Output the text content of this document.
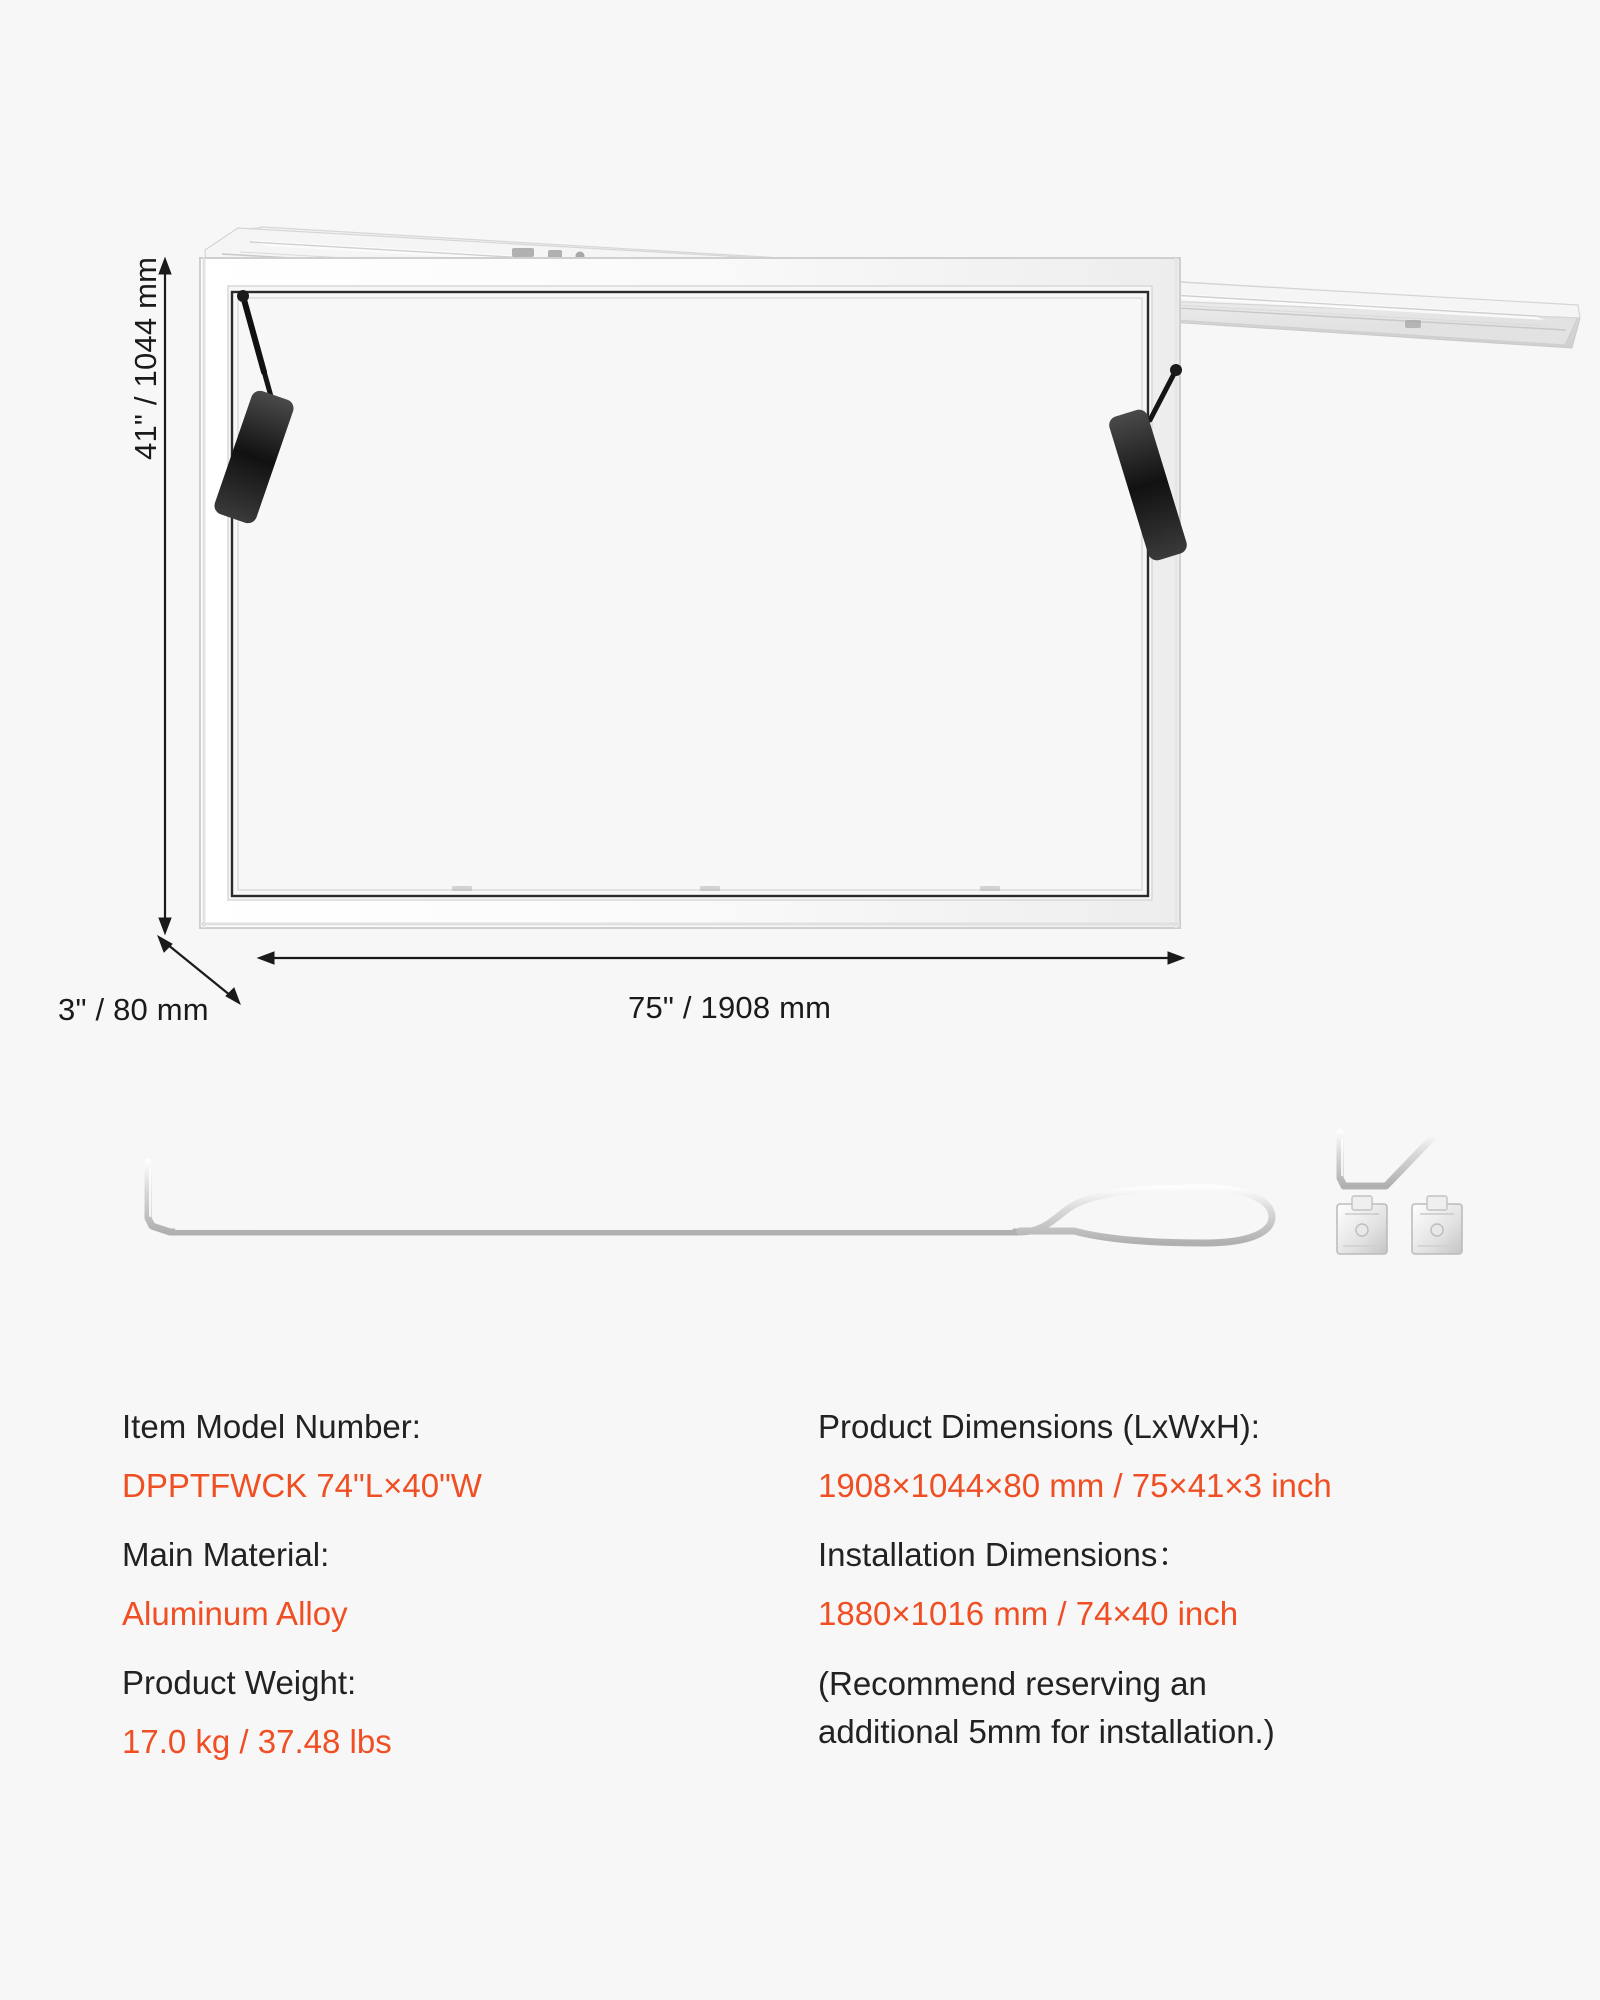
41" / 1044 mm
75" / 1908 mm
3" / 80 mm

Item Model Number:

DPPTFWCK 74"L×40"W

Main Material:

Aluminum Alloy

Product Weight:

17.0 kg / 37.48 lbs

Product Dimensions (LxWxH):

1908×1044×80 mm / 75×41×3 inch

Installation Dimensions：

1880×1016 mm / 74×40 inch

(Recommend reserving an

additional 5mm for installation.)
